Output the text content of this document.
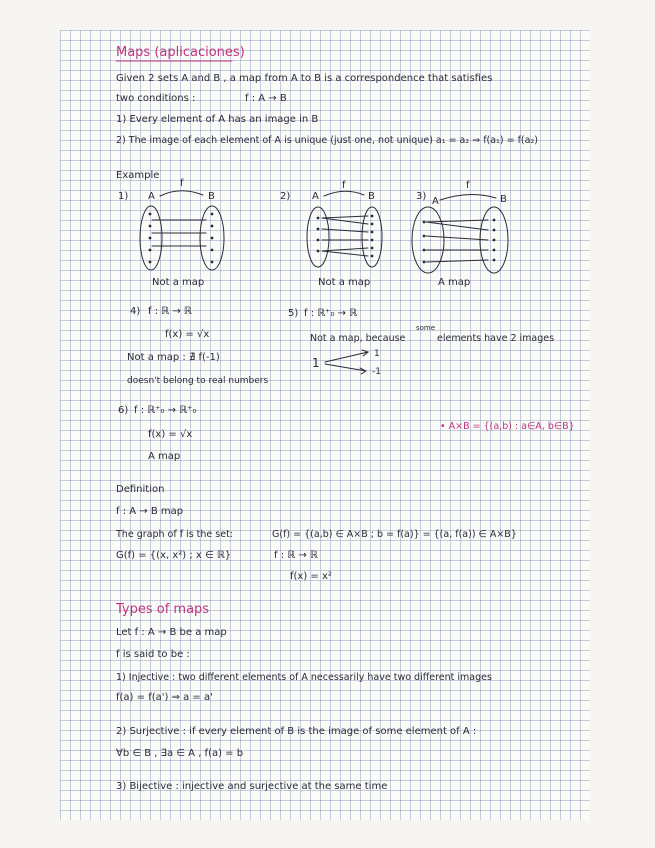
Maps (aplicaciones)
Given 2 sets A and B , a map from A to B is a correspondence that satisfies
two conditions :	f : A → B
1) Every element of A has an image in B
2) The image of each element of A is unique (just one, not unique) a₁ = a₂ ⇒ f(a₁) = f(a₂)
Example
1) A
f
B
Not a map
2) A
f
B
Not a map
3) A
f
B
A map
4) f : ℝ → ℝ
f(x) = √x
Not a map : ∄ f(-1)
doesn't belong to real numbers
5) f : ℝ⁺₀ → ℝ
Not a map, because
some
elements have 2 images
1
1
-1
6) f : ℝ⁺₀ → ℝ⁺₀
f(x) = √x
A map
• A×B = {(a,b) : a∈A, b∈B}
Definition
f : A → B map
The graph of f is the set:	G(f) = {(a,b) ∈ A×B ; b = f(a)} = {(a, f(a)) ∈ A×B}
G(f) = {(x, x²) ; x ∈ ℝ}	f : ℝ → ℝ
f(x) = x²
Types of maps
Let f : A → B be a map
f is said to be :
1) Injective : two different elements of A necessarily have two different images
f(a) = f(a') ⇒ a = a'
2) Surjective : if every element of B is the image of some element of A :
∀b ∈ B , ∃a ∈ A , f(a) = b
3) Bijective : injective and surjective at the same time
